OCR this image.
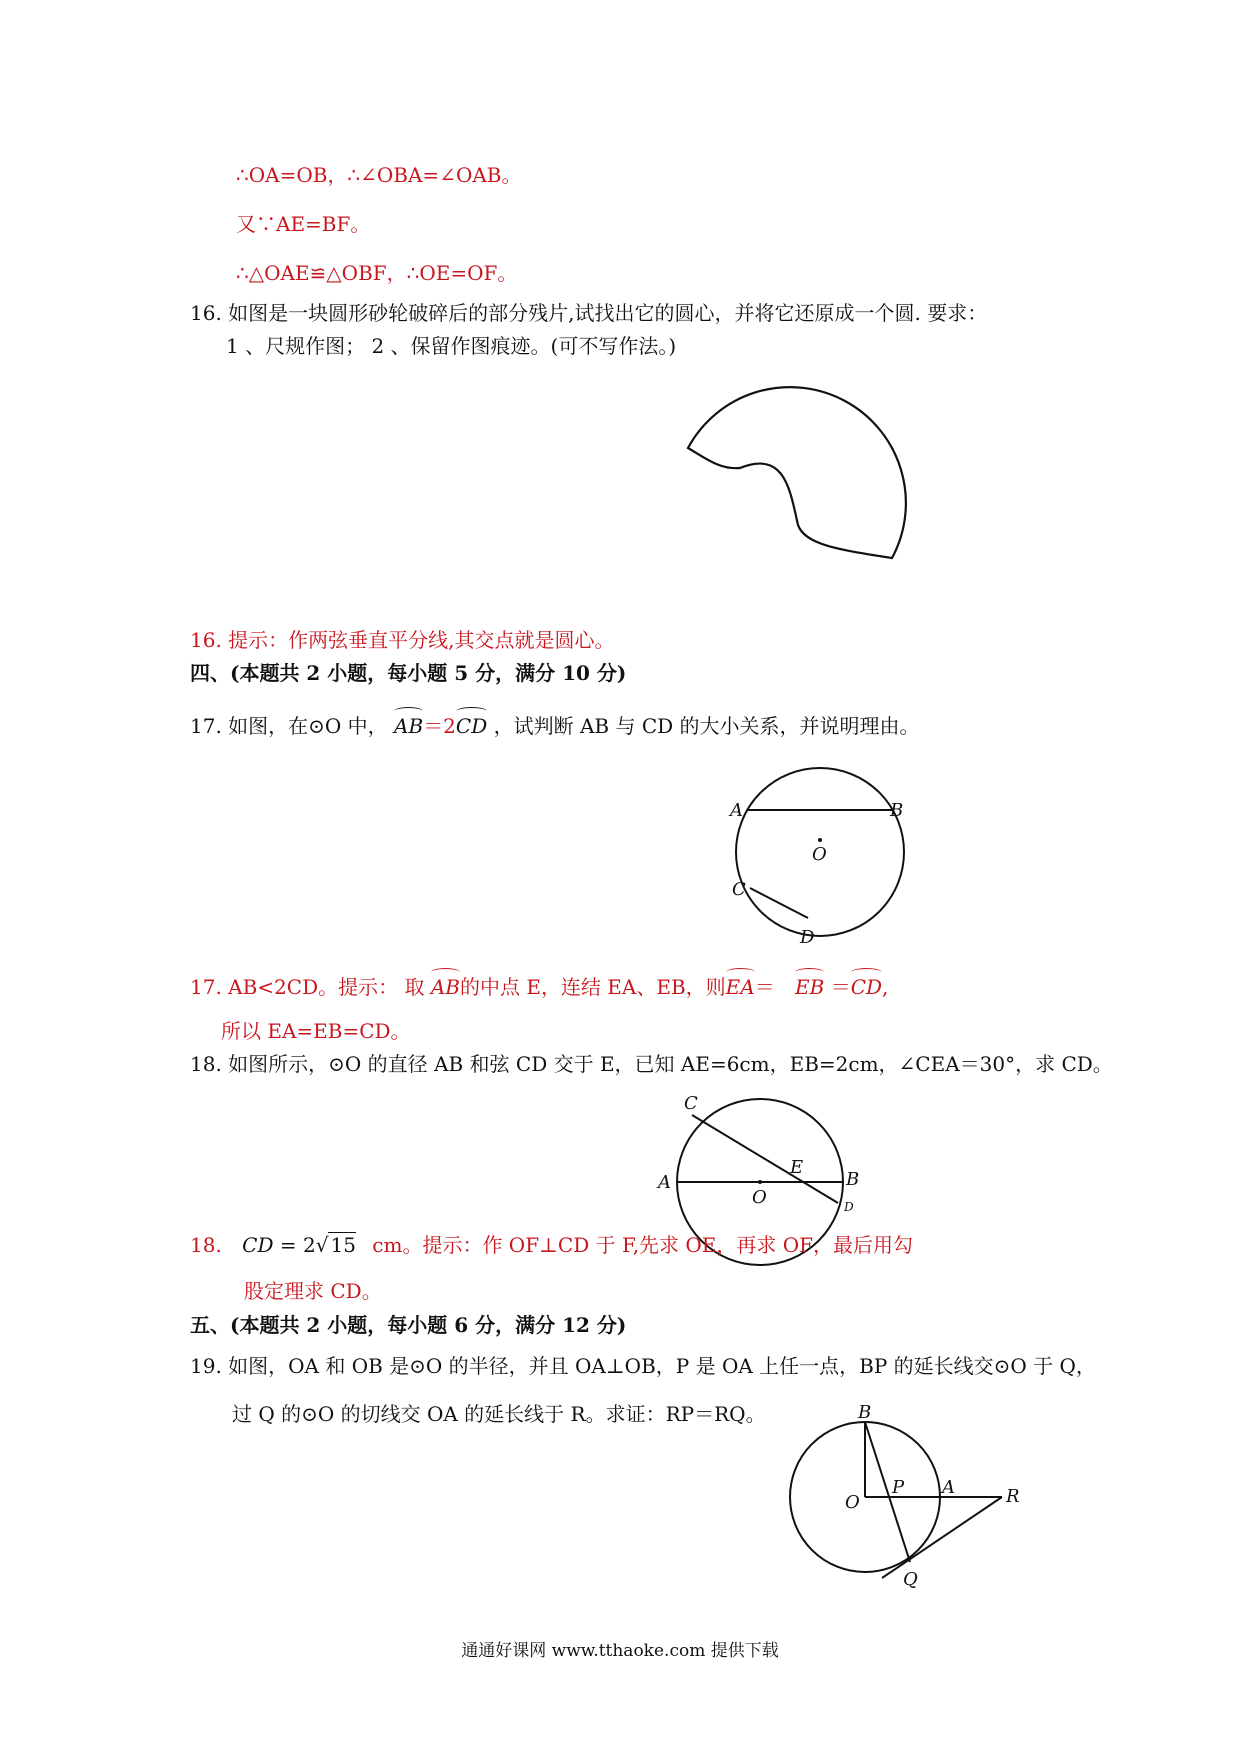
∴OA=OB，∴∠OBA=∠OAB。
又∵AE=BF。
∴△OAE≌△OBF，∴OE=OF。
16. 如图是一块圆形砂轮破碎后的部分残片,试找出它的圆心，并将它还原成一个圆. 要求：
1 、尺规作图； 2 、保留作图痕迹。(可不写作法。)
16. 提示：作两弦垂直平分线,其交点就是圆心。
四、(本题共 2 小题，每小题 5 分，满分 10 分)
17. 如图，在⊙O 中， AB＝2CD ，试判断 AB 与 CD 的大小关系，并说明理由。
A	B
O
C
D
17. AB<2CD。提示： 取 AB的中点 E，连结 EA、EB，则EA＝ EB ＝CD,
所以 EA=EB=CD。
18. 如图所示，⊙O 的直径 AB 和弦 CD 交于 E，已知 AE=6cm，EB=2cm，∠CEA＝30°，求 CD。
C
A
E
O
B
D
18. CD = 2√ 15 cm。提示：作 OF⊥CD 于 F,先求 OE，再求 OF，最后用勾
股定理求 CD。
五、(本题共 2 小题，每小题 6 分，满分 12 分)
19. 如图，OA 和 OB 是⊙O 的半径，并且 OA⊥OB，P 是 OA 上任一点，BP 的延长线交⊙O 于 Q，
过 Q 的⊙O 的切线交 OA 的延长线于 R。求证：RP＝RQ。	B
O
P A	R
Q
通通好课网 www.tthaoke.com 提供下载
